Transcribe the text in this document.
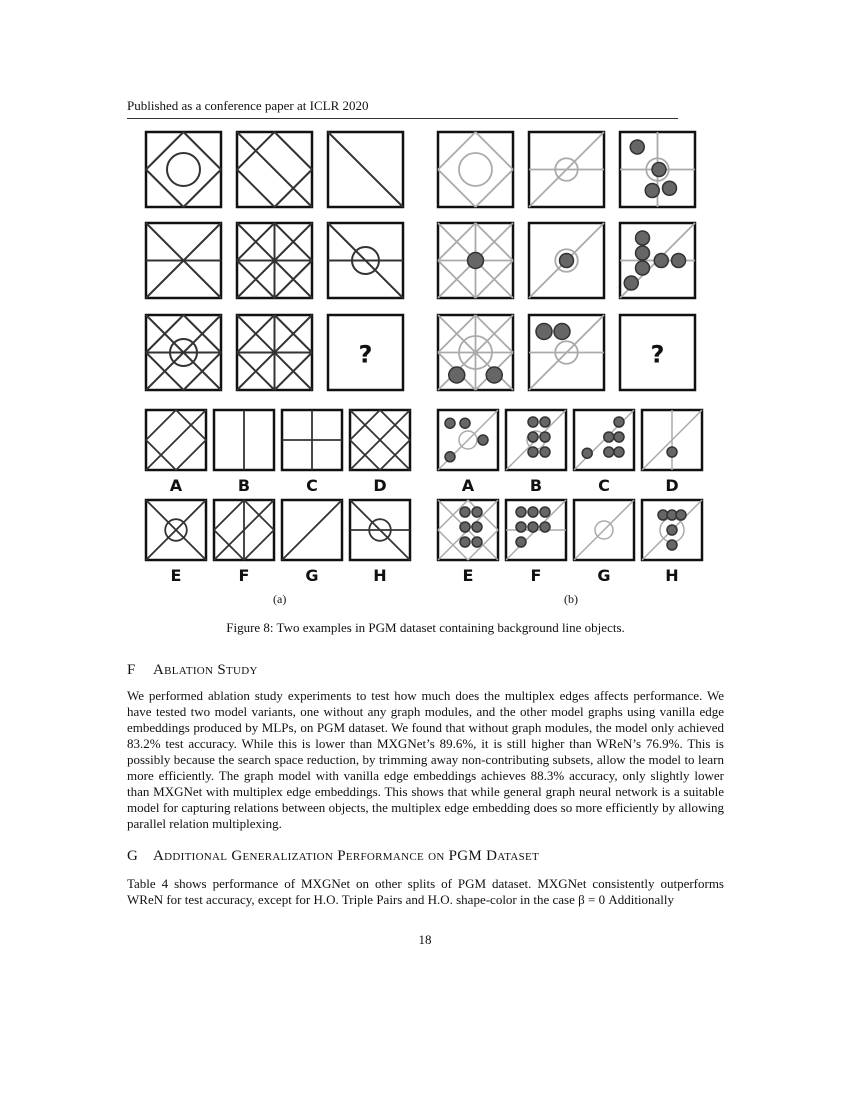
Published as a conference paper at ICLR 2020
?
A	B	C	D
E	F	G	H
?
A	B	C	D
E	F	G	H
(a)	(b)
Figure 8: Two examples in PGM dataset containing background line objects.
F Ablation Study
We performed ablation study experiments to test how much does the multiplex edges affects performance. We have tested two model variants, one without any graph modules, and the other model graphs using vanilla edge embeddings produced by MLPs, on PGM dataset. We found that without graph modules, the model only achieved 83.2% test accuracy. While this is lower than MXGNet’s 89.6%, it is still higher than WReN’s 76.9%. This is possibly because the search space reduction, by trimming away non-contributing subsets, allow the model to learn more efficiently. The graph model with vanilla edge embeddings achieves 88.3% accuracy, only slightly lower than MXGNet with multiplex edge embeddings. This shows that while general graph neural network is a suitable model for capturing relations between objects, the multiplex edge embedding does so more efficiently by allowing parallel relation multiplexing.
G Additional Generalization Performance on PGM Dataset
Table 4 shows performance of MXGNet on other splits of PGM dataset. MXGNet consistently outperforms WReN for test accuracy, except for H.O. Triple Pairs and H.O. shape-color in the case β = 0 Additionally
18
